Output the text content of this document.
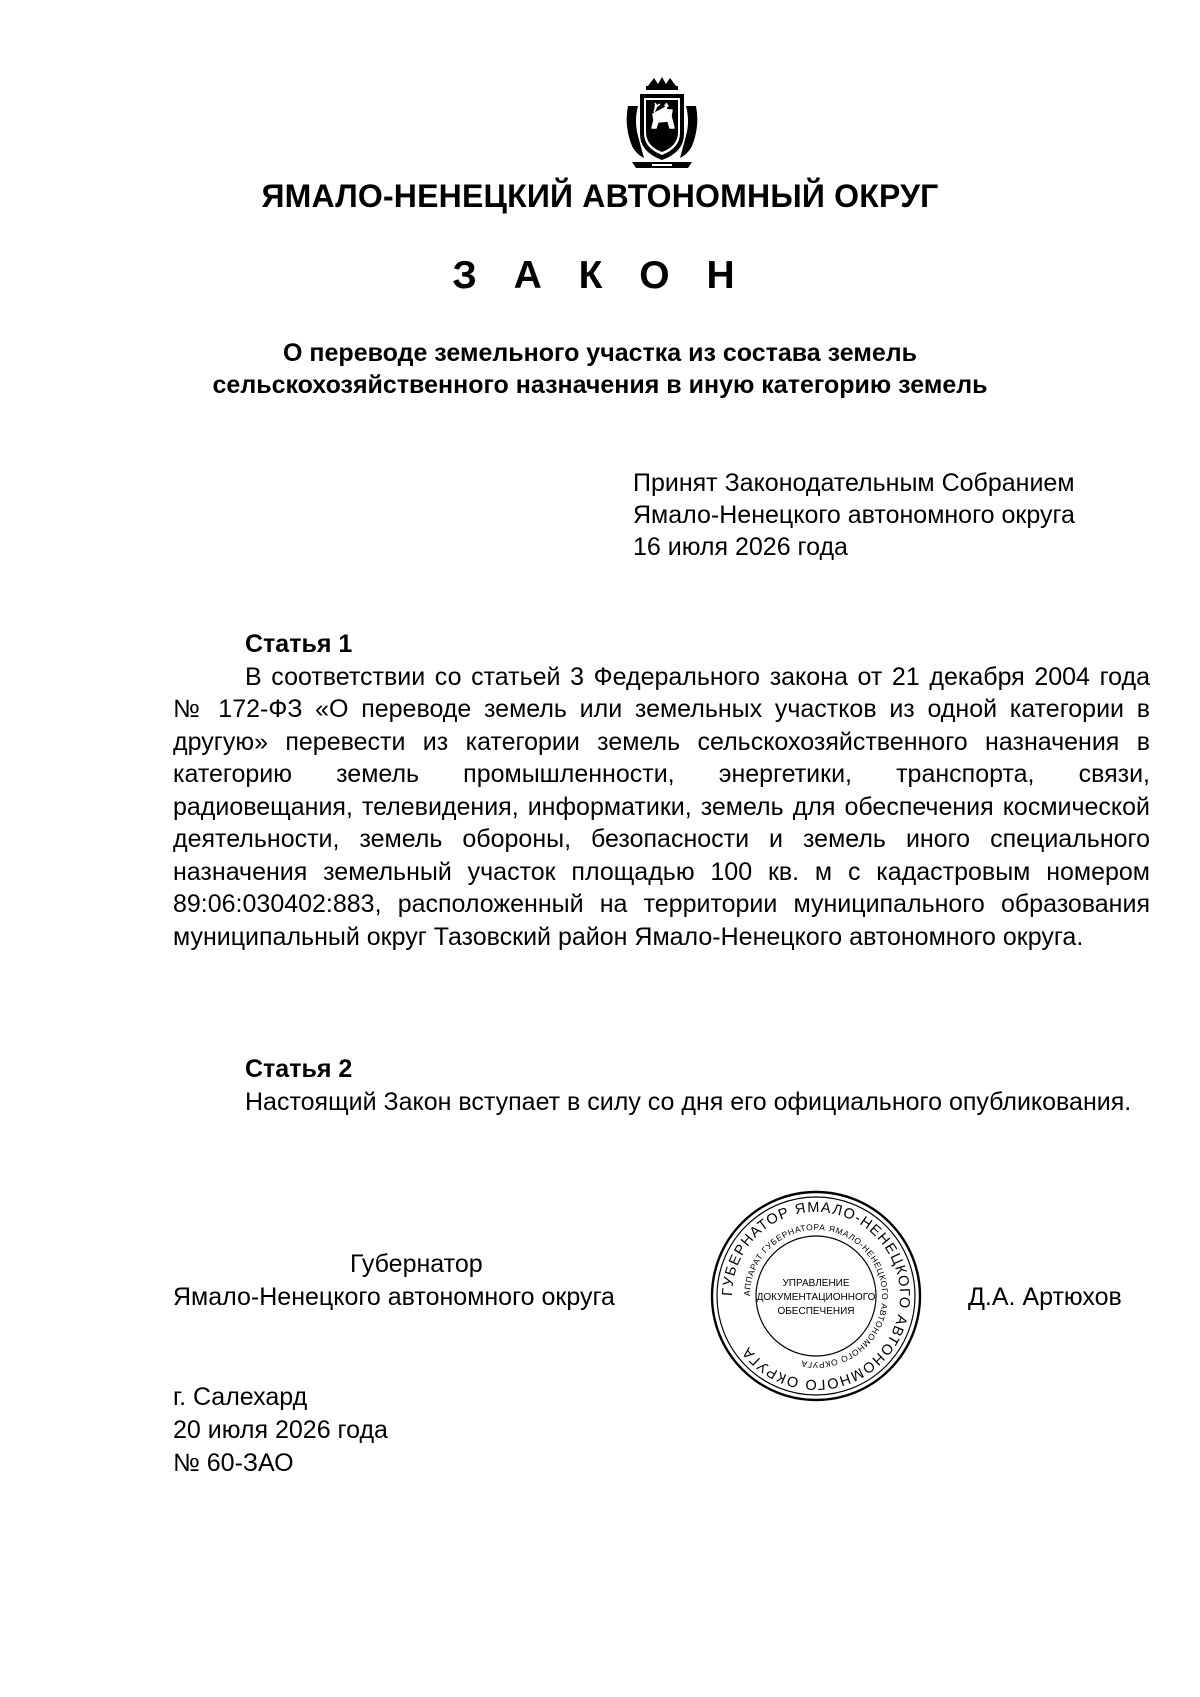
ЯМАЛО-НЕНЕЦКИЙ АВТОНОМНЫЙ ОКРУГ
З А К О Н
О переводе земельного участка из состава земель
сельскохозяйственного назначения в иную категорию земель
Принят Законодательным Собранием
Ямало-Ненецкого автономного округа
16 июля 2026 года
Статья 1

В соответствии со статьей 3 Федерального закона от 21 декабря 2004 года № 172-ФЗ «О переводе земель или земельных участков из одной категории в другую» перевести из категории земель сельскохозяйственного назначения в категорию земель промышленности, энергетики, транспорта, связи, радиовещания, телевидения, информатики, земель для обеспечения космической деятельности, земель обороны, безопасности и земель иного специального назначения земельный участок площадью 100 кв. м с кадастровым номером 89:06:030402:883, расположенный на территории муниципального образования муниципальный округ Тазовский район Ямало-Ненецкого автономного округа.

Статья 2

Настоящий Закон вступает в силу со дня его официального опубликования.

Губернатор
Ямало-Ненецкого автономного округа	ГУБЕРНАТОР ЯМАЛО-НЕНЕЦКОГО АВТОНОМНОГО ОКРУГА
АППАРАТ ГУБЕРНАТОРА ЯМАЛО-НЕНЕЦКОГО АВТОНОМНОГО ОКРУГА
УПРАВЛЕНИЕ
ДОКУМЕНТАЦИОННОГО
ОБЕСПЕЧЕНИЯ
Д.А. Артюхов
г. Салехард
20 июля 2026 года
№ 60-ЗАО
